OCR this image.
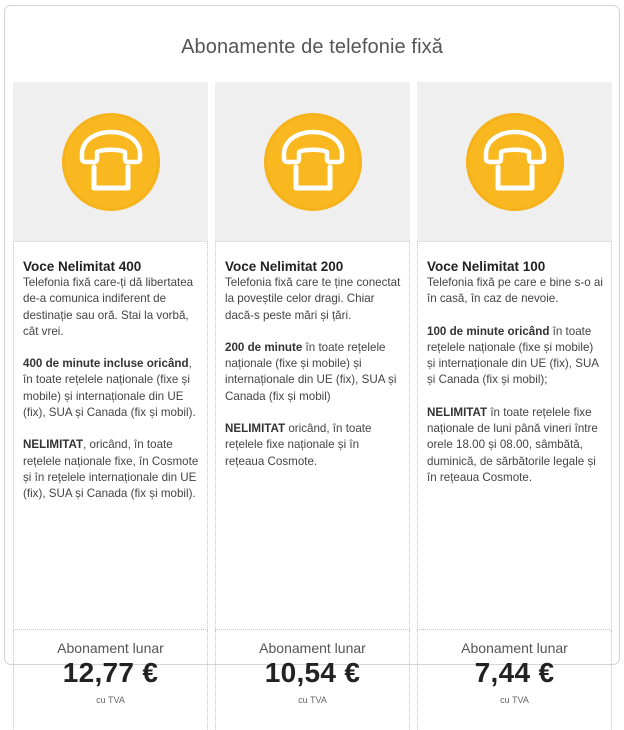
Abonamente de telefonie fixă
Voce Nelimitat 400

Telefonia fixă care-ți dă libertatea de-a comunica indiferent de destinație sau oră. Stai la vorbă, cât vrei.

400 de minute incluse oricând, în toate rețelele naționale (fixe și mobile) și internaționale din UE (fix), SUA și Canada (fix și mobil).

NELIMITAT, oricând, în toate rețelele naționale fixe, în Cosmote și în rețelele internaționale din UE (fix), SUA și Canada (fix și mobil).

Abonament lunar
12,77 €
cu TVA
Voce Nelimitat 200

Telefonia fixă care te ține conectat la poveștile celor dragi. Chiar dacă-s peste mări și țări.

200 de minute în toate rețelele naționale (fixe și mobile) și internaționale din UE (fix), SUA și Canada (fix și mobil)

NELIMITAT oricând, în toate rețelele fixe naționale și în rețeaua Cosmote.

Abonament lunar
10,54 €
cu TVA
Voce Nelimitat 100

Telefonia fixă pe care e bine s-o ai în casă, în caz de nevoie.

100 de minute oricând în toate rețelele naționale (fixe și mobile) și internaționale din UE (fix), SUA și Canada (fix și mobil);

NELIMITAT în toate rețelele fixe naționale de luni până vineri între orele 18.00 și 08.00, sâmbătă, duminică, de sărbătorile legale și în rețeaua Cosmote.

Abonament lunar
7,44 €
cu TVA
